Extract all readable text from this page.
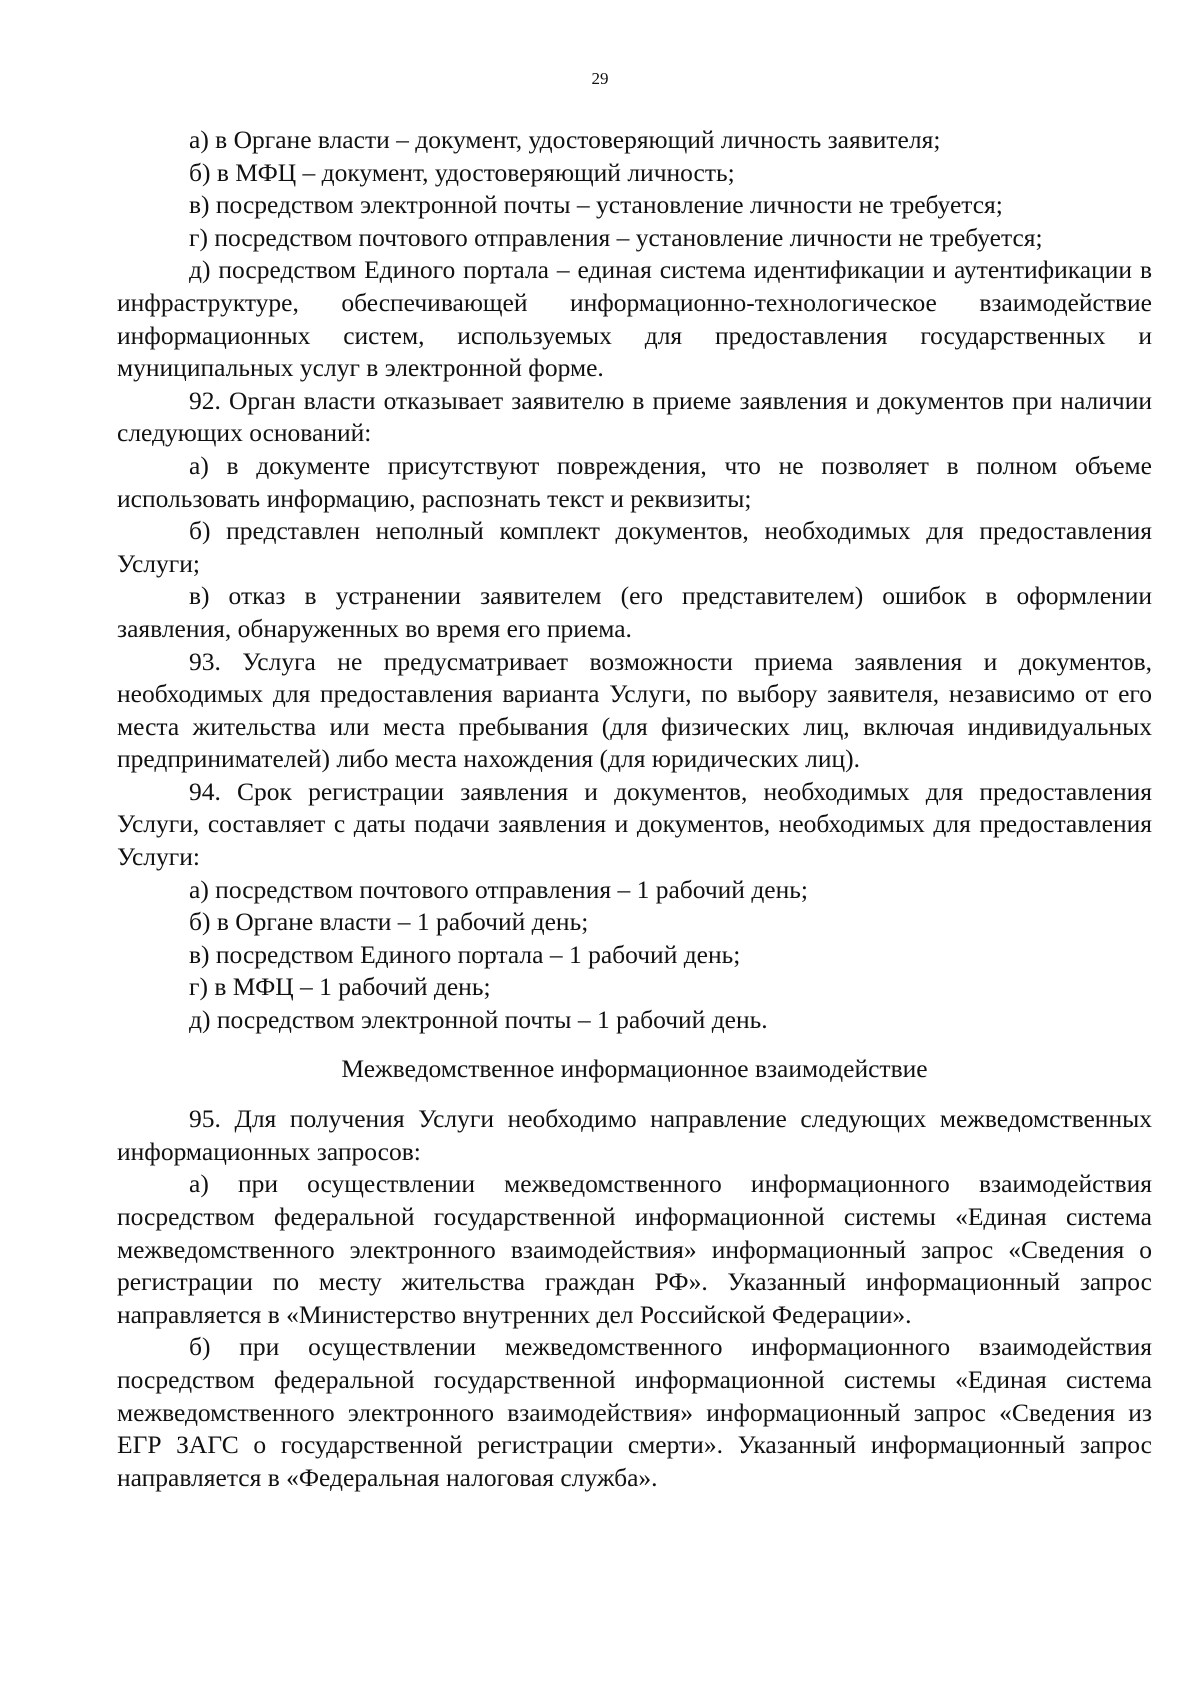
29

а) в Органе власти – документ, удостоверяющий личность заявителя;

б) в МФЦ – документ, удостоверяющий личность;

в) посредством электронной почты – установление личности не требуется;

г) посредством почтового отправления – установление личности не требуется;

д) посредством Единого портала – единая система идентификации и аутентификации в инфраструктуре, обеспечивающей информационно-технологическое взаимодействие информационных систем, используемых для предоставления государственных и муниципальных услуг в электронной форме.

92. Орган власти отказывает заявителю в приеме заявления и документов при наличии следующих оснований:

а) в документе присутствуют повреждения, что не позволяет в полном объеме использовать информацию, распознать текст и реквизиты;

б) представлен неполный комплект документов, необходимых для предоставления Услуги;

в) отказ в устранении заявителем (его представителем) ошибок в оформлении заявления, обнаруженных во время его приема.

93. Услуга не предусматривает возможности приема заявления и документов, необходимых для предоставления варианта Услуги, по выбору заявителя, независимо от его места жительства или места пребывания (для физических лиц, включая индивидуальных предпринимателей) либо места нахождения (для юридических лиц).

94. Срок регистрации заявления и документов, необходимых для предоставления Услуги, составляет с даты подачи заявления и документов, необходимых для предоставления Услуги:

а) посредством почтового отправления – 1 рабочий день;

б) в Органе власти – 1 рабочий день;

в) посредством Единого портала – 1 рабочий день;

г) в МФЦ – 1 рабочий день;

д) посредством электронной почты – 1 рабочий день.

Межведомственное информационное взаимодействие

95. Для получения Услуги необходимо направление следующих межведомственных информационных запросов:

а) при осуществлении межведомственного информационного взаимодействия посредством федеральной государственной информационной системы «Единая система межведомственного электронного взаимодействия» информационный запрос «Сведения о регистрации по месту жительства граждан РФ». Указанный информационный запрос направляется в «Министерство внутренних дел Российской Федерации».

б) при осуществлении межведомственного информационного взаимодействия посредством федеральной государственной информационной системы «Единая система межведомственного электронного взаимодействия» информационный запрос «Сведения из ЕГР ЗАГС о государственной регистрации смерти». Указанный информационный запрос направляется в «Федеральная налоговая служба».
